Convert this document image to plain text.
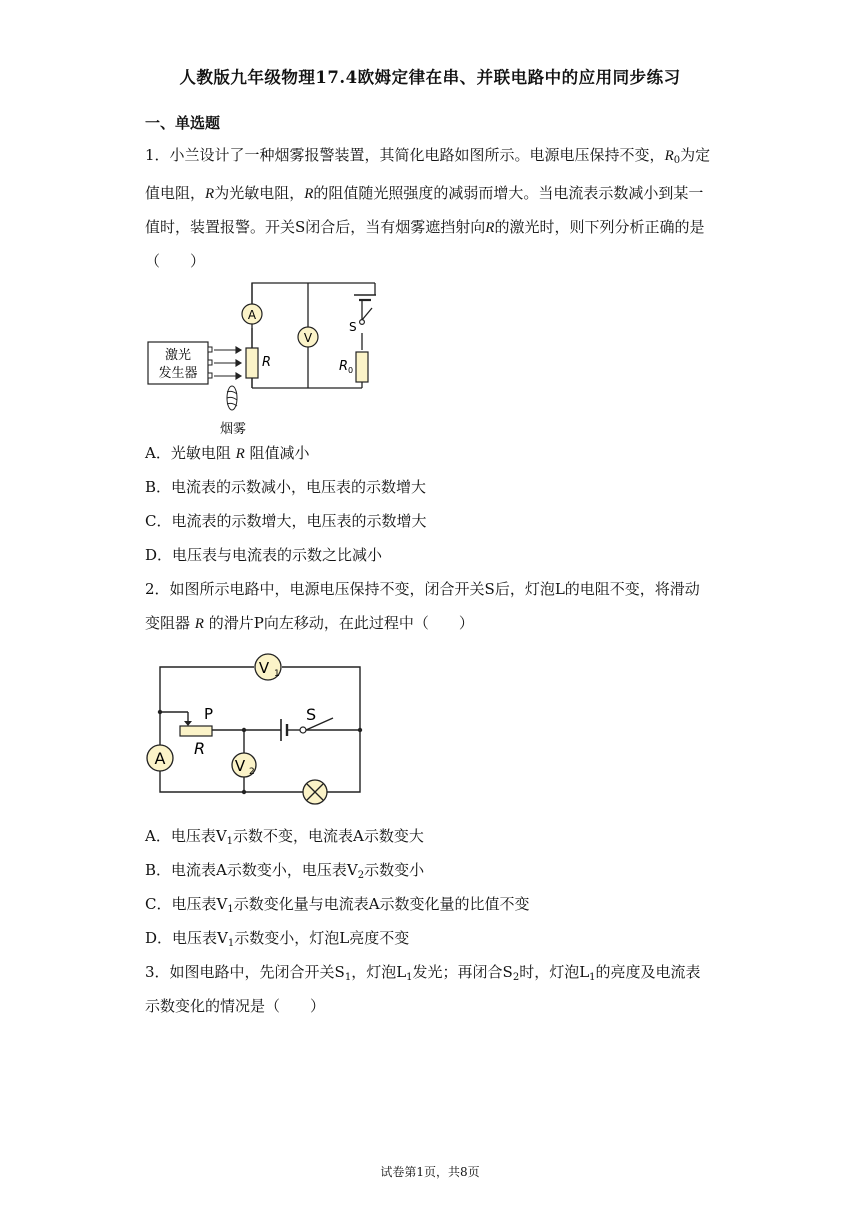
人教版九年级物理17.4欧姆定律在串、并联电路中的应用同步练习
一、单选题
1．小兰设计了一种烟雾报警装置，其简化电路如图所示。电源电压保持不变，$R_0$为定
值电阻，R为光敏电阻，R的阻值随光照强度的减弱而增大。当电流表示数减小到某一
值时，装置报警。开关S闭合后，当有烟雾遮挡射向R的激光时，则下列分析正确的是
（　　）
A
V
R	R 0
S
激光
发生器
烟雾
A．光敏电阻 R 阻值减小
B．电流表的示数减小，电压表的示数增大
C．电流表的示数增大，电压表的示数增大
D．电压表与电流表的示数之比减小
2．如图所示电路中，电源电压保持不变，闭合开关S后，灯泡L的电阻不变，将滑动
变阻器 R 的滑片P向左移动，在此过程中（　　）
P
R
S
V 1
V 2
A
A．电压表$V_1$示数不变，电流表A示数变大
B．电流表A示数变小，电压表$V_2$示数变小
C．电压表$V_1$示数变化量与电流表A示数变化量的比值不变
D．电压表$V_1$示数变小，灯泡L亮度不变
3．如图电路中，先闭合开关$S_1$，灯泡$L_1$发光；再闭合$S_2$时，灯泡$L_1$的亮度及电流表
示数变化的情况是（　　）
试卷第1页，共8页
